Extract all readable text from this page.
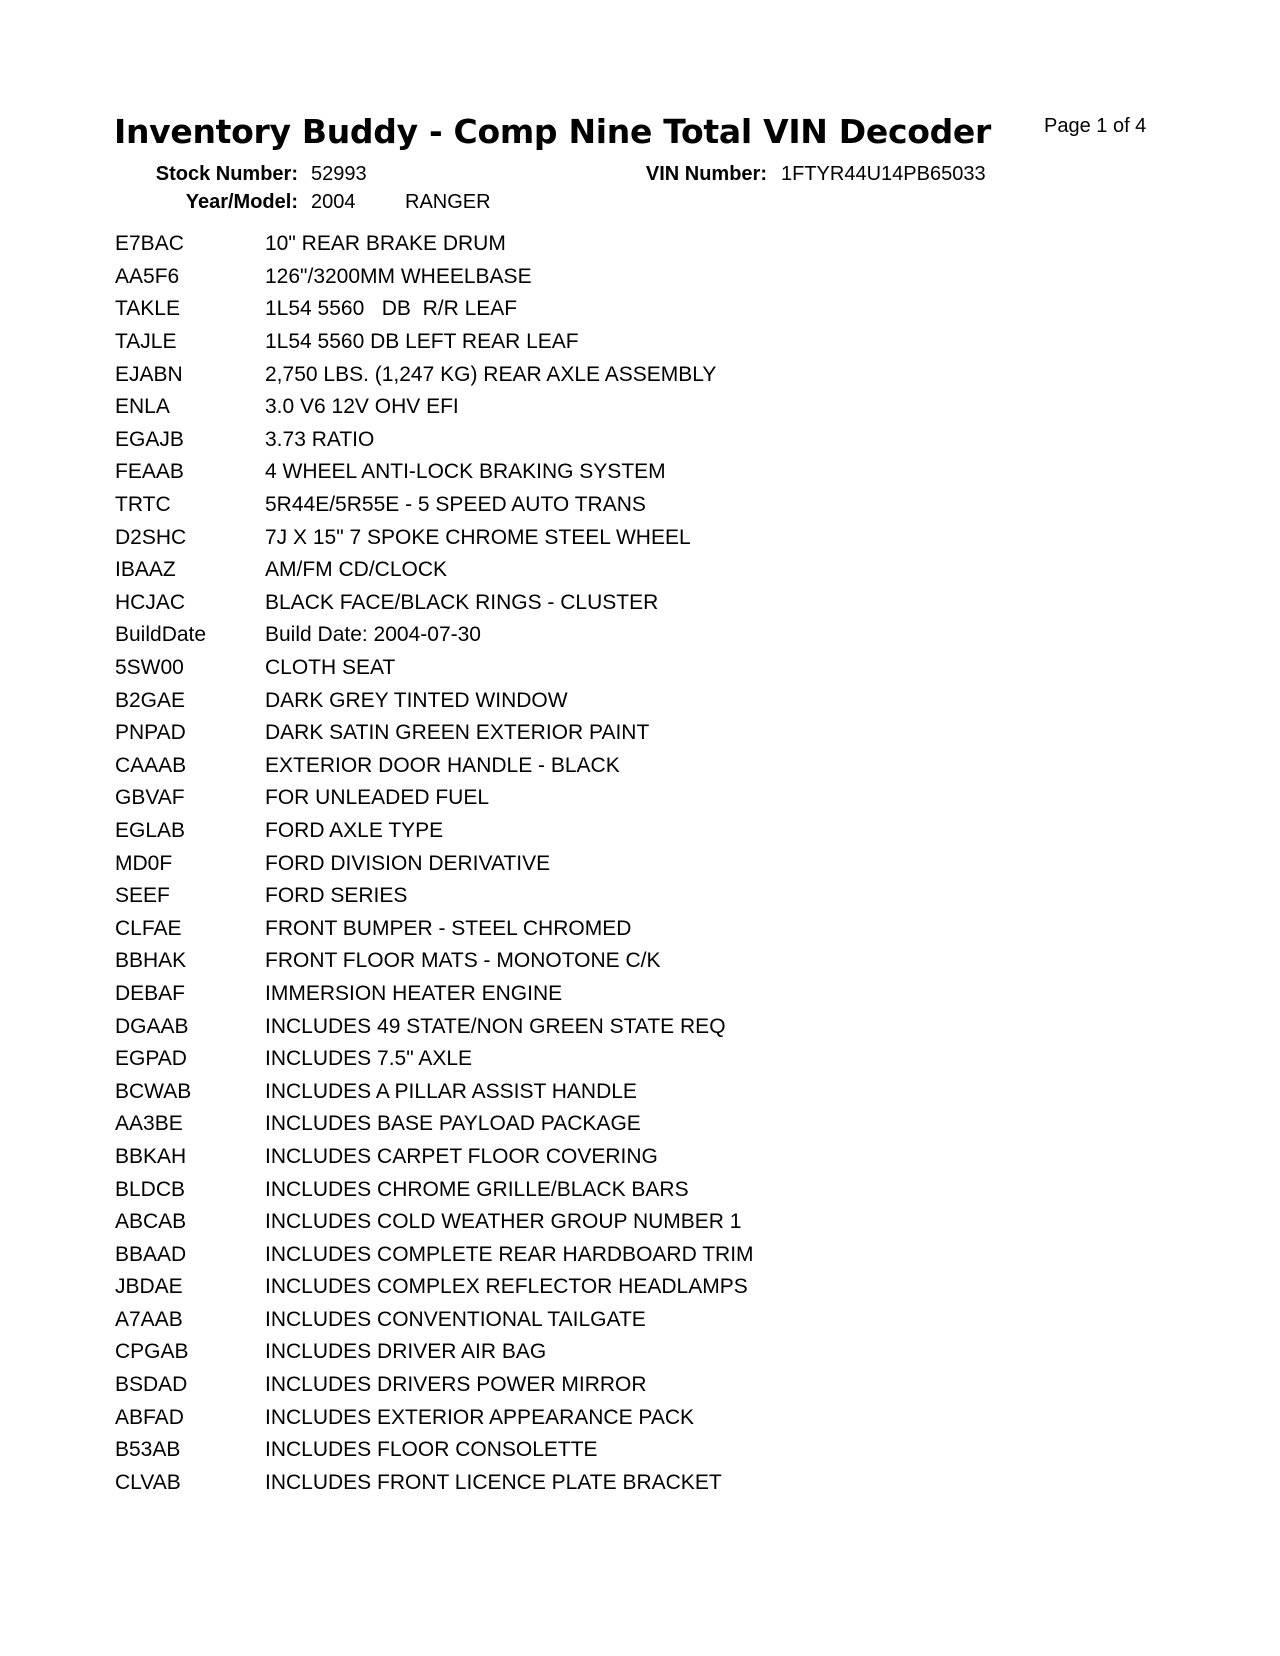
Inventory Buddy - Comp Nine Total VIN Decoder	Page 1 of 4
Stock Number: 52993	VIN Number: 1FTYR44U14PB65033
Year/Model: 2004 RANGER
E7BAC	10" REAR BRAKE DRUM
AA5F6	126"/3200MM WHEELBASE
TAKLE	1L54 5560   DB  R/R LEAF
TAJLE	1L54 5560 DB LEFT REAR LEAF
EJABN	2,750 LBS. (1,247 KG) REAR AXLE ASSEMBLY
ENLA	3.0 V6 12V OHV EFI
EGAJB	3.73 RATIO
FEAAB	4 WHEEL ANTI-LOCK BRAKING SYSTEM
TRTC	5R44E/5R55E - 5 SPEED AUTO TRANS
D2SHC	7J X 15" 7 SPOKE CHROME STEEL WHEEL
IBAAZ	AM/FM CD/CLOCK
HCJAC	BLACK FACE/BLACK RINGS - CLUSTER
BuildDate	Build Date: 2004-07-30
5SW00	CLOTH SEAT
B2GAE	DARK GREY TINTED WINDOW
PNPAD	DARK SATIN GREEN EXTERIOR PAINT
CAAAB	EXTERIOR DOOR HANDLE - BLACK
GBVAF	FOR UNLEADED FUEL
EGLAB	FORD AXLE TYPE
MD0F	FORD DIVISION DERIVATIVE
SEEF	FORD SERIES
CLFAE	FRONT BUMPER - STEEL CHROMED
BBHAK	FRONT FLOOR MATS - MONOTONE C/K
DEBAF	IMMERSION HEATER ENGINE
DGAAB	INCLUDES 49 STATE/NON GREEN STATE REQ
EGPAD	INCLUDES 7.5" AXLE
BCWAB	INCLUDES A PILLAR ASSIST HANDLE
AA3BE	INCLUDES BASE PAYLOAD PACKAGE
BBKAH	INCLUDES CARPET FLOOR COVERING
BLDCB	INCLUDES CHROME GRILLE/BLACK BARS
ABCAB	INCLUDES COLD WEATHER GROUP NUMBER 1
BBAAD	INCLUDES COMPLETE REAR HARDBOARD TRIM
JBDAE	INCLUDES COMPLEX REFLECTOR HEADLAMPS
A7AAB	INCLUDES CONVENTIONAL TAILGATE
CPGAB	INCLUDES DRIVER AIR BAG
BSDAD	INCLUDES DRIVERS POWER MIRROR
ABFAD	INCLUDES EXTERIOR APPEARANCE PACK
B53AB	INCLUDES FLOOR CONSOLETTE
CLVAB	INCLUDES FRONT LICENCE PLATE BRACKET
